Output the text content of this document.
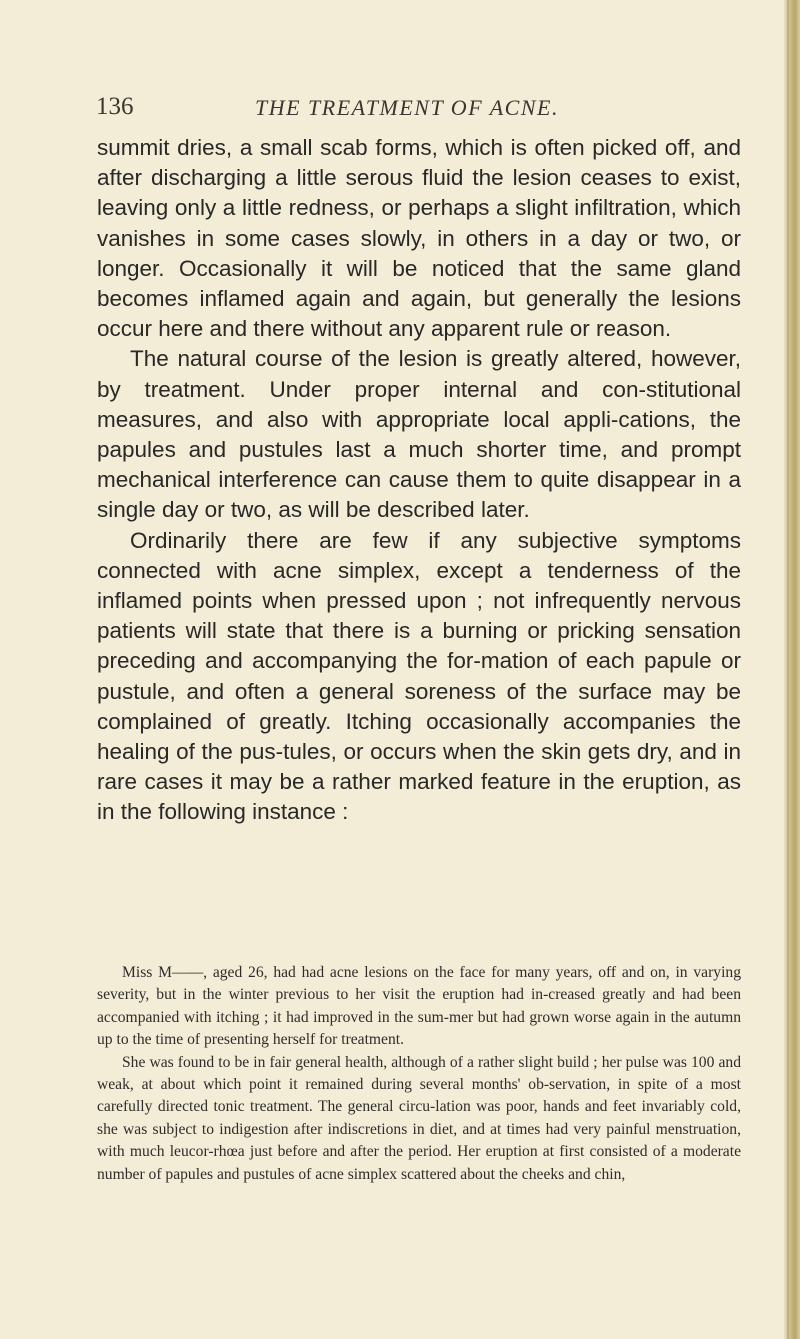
136	THE TREATMENT OF ACNE.

summit dries, a small scab forms, which is often picked off, and after discharging a little serous fluid the lesion ceases to exist, leaving only a little redness, or perhaps a slight infiltration, which vanishes in some cases slowly, in others in a day or two, or longer. Occasionally it will be noticed that the same gland becomes inflamed again and again, but generally the lesions occur here and there without any apparent rule or reason.

The natural course of the lesion is greatly altered, however, by treatment. Under proper internal and con-stitutional measures, and also with appropriate local appli-cations, the papules and pustules last a much shorter time, and prompt mechanical interference can cause them to quite disappear in a single day or two, as will be described later.

Ordinarily there are few if any subjective symptoms connected with acne simplex, except a tenderness of the inflamed points when pressed upon ; not infrequently nervous patients will state that there is a burning or pricking sensation preceding and accompanying the for-mation of each papule or pustule, and often a general soreness of the surface may be complained of greatly. Itching occasionally accompanies the healing of the pus-tules, or occurs when the skin gets dry, and in rare cases it may be a rather marked feature in the eruption, as in the following instance :

Miss M——, aged 26, had had acne lesions on the face for many years, off and on, in varying severity, but in the winter previous to her visit the eruption had in-creased greatly and had been accompanied with itching ; it had improved in the sum-mer but had grown worse again in the autumn up to the time of presenting herself for treatment.

She was found to be in fair general health, although of a rather slight build ; her pulse was 100 and weak, at about which point it remained during several months' ob-servation, in spite of a most carefully directed tonic treatment. The general circu-lation was poor, hands and feet invariably cold, she was subject to indigestion after indiscretions in diet, and at times had very painful menstruation, with much leucor-rhœa just before and after the period. Her eruption at first consisted of a moderate number of papules and pustules of acne simplex scattered about the cheeks and chin,
